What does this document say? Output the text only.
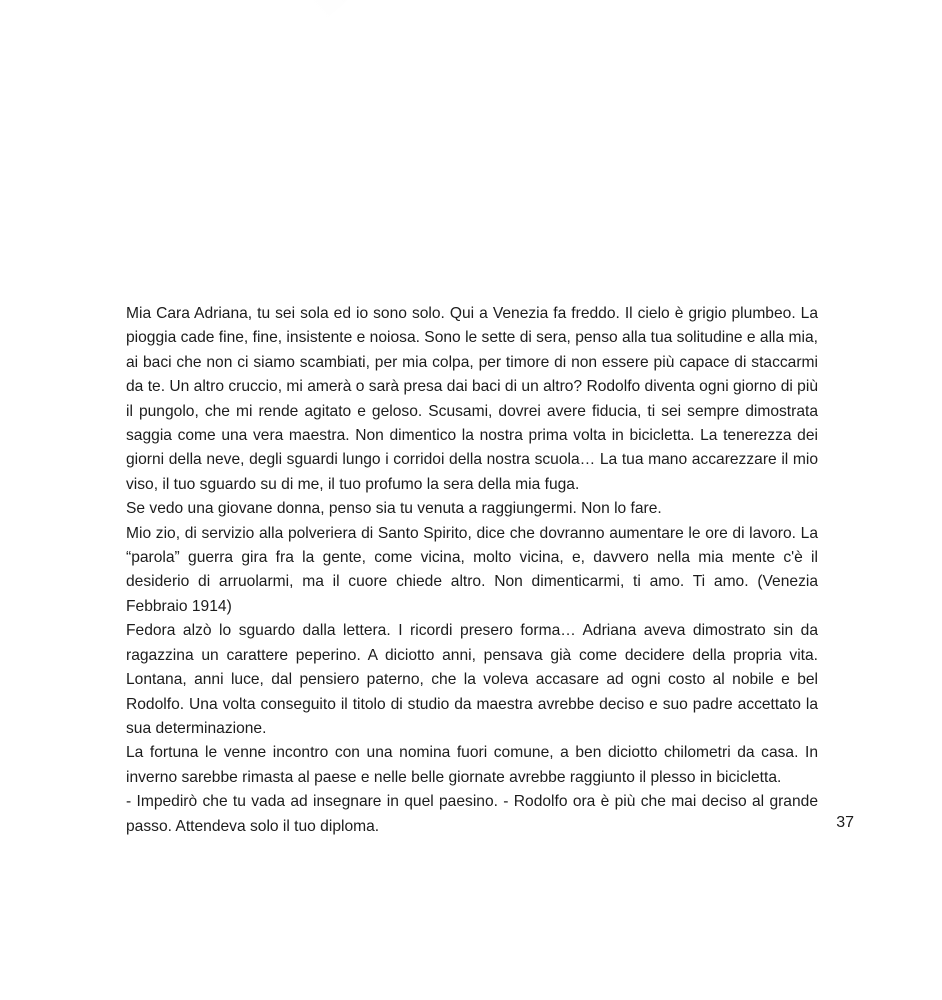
Mia Cara Adriana, tu sei sola ed io sono solo. Qui a Venezia fa freddo. Il cielo è grigio plumbeo. La pioggia cade fine, fine, insistente e noiosa. Sono le sette di sera, penso alla tua solitudine e alla mia, ai baci che non ci siamo scambiati, per mia colpa, per timore di non essere più capace di staccarmi da te. Un altro cruccio, mi amerà o sarà presa dai baci di un altro? Rodolfo diventa ogni giorno di più il pungolo, che mi rende agitato e geloso. Scusami, dovrei avere fiducia, ti sei sempre dimostrata saggia come una vera maestra. Non dimentico la nostra prima volta in bicicletta. La tenerezza dei giorni della neve, degli sguardi lungo i corridoi della nostra scuola… La tua mano accarezzare il mio viso, il tuo sguardo su di me, il tuo profumo la sera della mia fuga.

Se vedo una giovane donna, penso sia tu venuta a raggiungermi. Non lo fare.

Mio zio, di servizio alla polveriera di Santo Spirito, dice che dovranno aumentare le ore di lavoro. La “parola” guerra gira fra la gente, come vicina, molto vicina, e, davvero nella mia mente c'è il desiderio di arruolarmi, ma il cuore chiede altro. Non dimenticarmi, ti amo. Ti amo. (Venezia Febbraio 1914)

Fedora alzò lo sguardo dalla lettera. I ricordi presero forma… Adriana aveva dimostrato sin da ragazzina un carattere peperino. A diciotto anni, pensava già come decidere della propria vita. Lontana, anni luce, dal pensiero paterno, che la voleva accasare ad ogni costo al nobile e bel Rodolfo. Una volta conseguito il titolo di studio da maestra avrebbe deciso e suo padre accettato la sua determinazione.

La fortuna le venne incontro con una nomina fuori comune, a ben diciotto chilometri da casa. In inverno sarebbe rimasta al paese e nelle belle giornate avrebbe raggiunto il plesso in bicicletta.

- Impedirò che tu vada ad insegnare in quel paesino. - Rodolfo ora è più che mai deciso al grande passo. Attendeva solo il tuo diploma.	37
